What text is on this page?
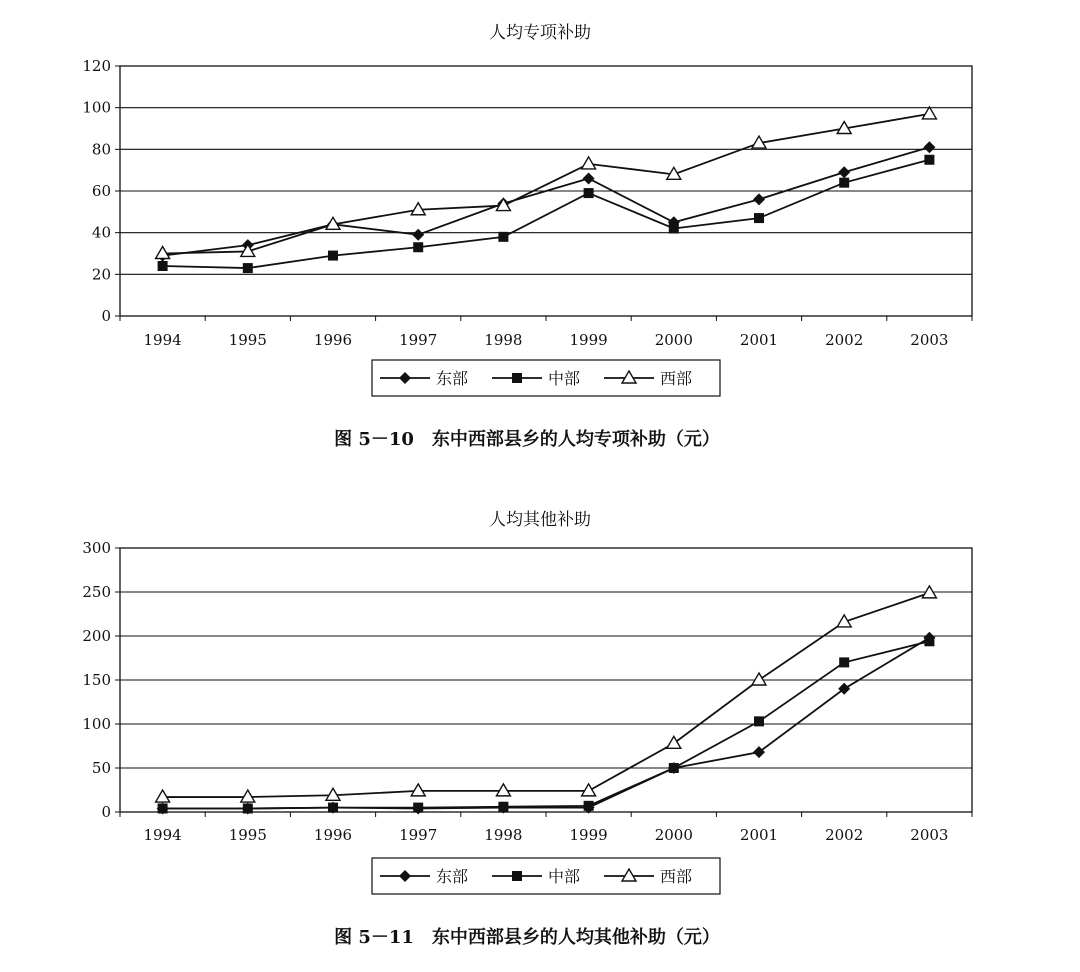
人均专项补助
0
20
40
60
80
100
120
1994	1995	1996	1997	1998	1999	2000	2001	2002	2003
东部	中部	西部
图 5－10　东中西部县乡的人均专项补助（元）
人均其他补助
0
50
100
150
200
250
300
1994	1995	1996	1997	1998	1999	2000	2001	2002	2003
东部	中部	西部
图 5－11　东中西部县乡的人均其他补助（元）
